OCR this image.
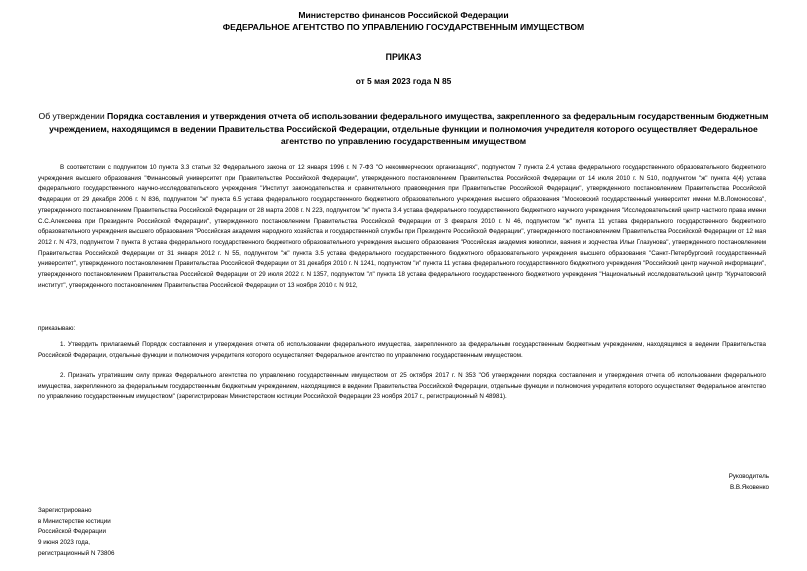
Министерство финансов Российской Федерации
ФЕДЕРАЛЬНОЕ АГЕНТСТВО ПО УПРАВЛЕНИЮ ГОСУДАРСТВЕННЫМ ИМУЩЕСТВОМ
ПРИКАЗ
от 5 мая 2023 года N 85

Об утверждении Порядка составления и утверждения отчета об использовании федерального имущества, закрепленного за федеральным государственным бюджетным учреждением, находящимся в ведении Правительства Российской Федерации, отдельные функции и полномочия учредителя которого осуществляет Федеральное агентство по управлению государственным имуществом

В соответствии с подпунктом 10 пункта 3.3 статьи 32 Федерального закона от 12 января 1996 г. N 7-ФЗ "О некоммерческих организациях", подпунктом 7 пункта 2.4 устава федерального государственного образовательного бюджетного учреждения высшего образования "Финансовый университет при Правительстве Российской Федерации", утвержденного постановлением Правительства Российской Федерации от 14 июля 2010 г. N 510, подпунктом "ж" пункта 4(4) устава федерального государственного научно-исследовательского учреждения "Институт законодательства и сравнительного правоведения при Правительстве Российской Федерации", утвержденного постановлением Правительства Российской Федерации от 29 декабря 2006 г. N 836, подпунктом "ж" пункта 6.5 устава федерального государственного бюджетного образовательного учреждения высшего образования "Московский государственный университет имени М.В.Ломоносова", утвержденного постановлением Правительства Российской Федерации от 28 марта 2008 г. N 223, подпунктом "ж" пункта 3.4 устава федерального государственного бюджетного научного учреждения "Исследовательский центр частного права имени С.С.Алексеева при Президенте Российской Федерации", утвержденного постановлением Правительства Российской Федерации от 3 февраля 2010 г. N 46, подпунктом "ж" пункта 11 устава федерального государственного бюджетного образовательного учреждения высшего образования "Российская академия народного хозяйства и государственной службы при Президенте Российской Федерации", утвержденного постановлением Правительства Российской Федерации от 12 мая 2012 г. N 473, подпунктом 7 пункта 8 устава федерального государственного бюджетного образовательного учреждения высшего образования "Российская академия живописи, ваяния и зодчества Ильи Глазунова", утвержденного постановлением Правительства Российской Федерации от 31 января 2012 г. N 55, подпунктом "ж" пункта 3.5 устава федерального государственного бюджетного образовательного учреждения высшего образования "Санкт-Петербургский государственный университет", утвержденного постановлением Правительства Российской Федерации от 31 декабря 2010 г. N 1241, подпунктом "и" пункта 11 устава федерального государственного бюджетного учреждения "Российский центр научной информации", утвержденного постановлением Правительства Российской Федерации от 29 июля 2022 г. N 1357, подпунктом "л" пункта 18 устава федерального государственного бюджетного учреждения "Национальный исследовательский центр "Курчатовский институт", утвержденного постановлением Правительства Российской Федерации от 13 ноября 2010 г. N 912,

приказываю:

1. Утвердить прилагаемый Порядок составления и утверждения отчета об использовании федерального имущества, закрепленного за федеральным государственным бюджетным учреждением, находящимся в ведении Правительства Российской Федерации, отдельные функции и полномочия учредителя которого осуществляет Федеральное агентство по управлению государственным имуществом.

2. Признать утратившим силу приказ Федерального агентства по управлению государственным имуществом от 25 октября 2017 г. N 353 "Об утверждении порядка составления и утверждения отчета об использовании федерального имущества, закрепленного за федеральным государственным бюджетным учреждением, находящимся в ведении Правительства Российской Федерации, отдельные функции и полномочия учредителя которого осуществляет Федеральное агентство по управлению государственным имуществом" (зарегистрирован Министерством юстиции Российской Федерации 23 ноября 2017 г., регистрационный N 48981).

Руководитель
В.В.Яковенко
Зарегистрировано
в Министерстве юстиции
Российской Федерации
9 июня 2023 года,
регистрационный N 73806
